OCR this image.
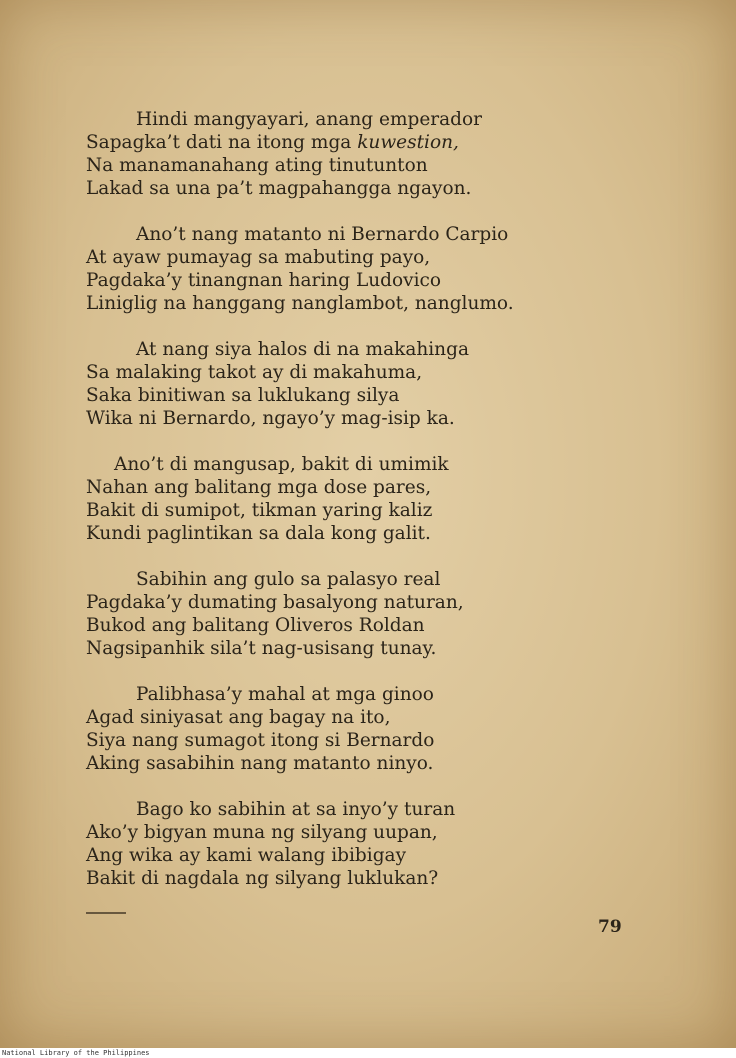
Hindi mangyayari, anang emperador
Sapagka’t dati na itong mga kuwestion,
Na manamanahang ating tinutunton
Lakad sa una pa’t magpahangga ngayon.
Ano’t nang matanto ni Bernardo Carpio
At ayaw pumayag sa mabuting payo,
Pagdaka’y tinangnan haring Ludovico
Liniglig na hanggang nanglambot, nanglumo.
At nang siya halos di na makahinga
Sa malaking takot ay di makahuma,
Saka binitiwan sa luklukang silya
Wika ni Bernardo, ngayo’y mag-isip ka.
Ano’t di mangusap, bakit di umimik
Nahan ang balitang mga dose pares,
Bakit di sumipot, tikman yaring kaliz
Kundi paglintikan sa dala kong galit.
Sabihin ang gulo sa palasyo real
Pagdaka’y dumating basalyong naturan,
Bukod ang balitang Oliveros Roldan
Nagsipanhik sila’t nag-usisang tunay.
Palibhasa’y mahal at mga ginoo
Agad siniyasat ang bagay na ito,
Siya nang sumagot itong si Bernardo
Aking sasabihin nang matanto ninyo.
Bago ko sabihin at sa inyo’y turan
Ako’y bigyan muna ng silyang uupan,
Ang wika ay kami walang ibibigay
Bakit di nagdala ng silyang luklukan?
79
National Library of the Philippines
